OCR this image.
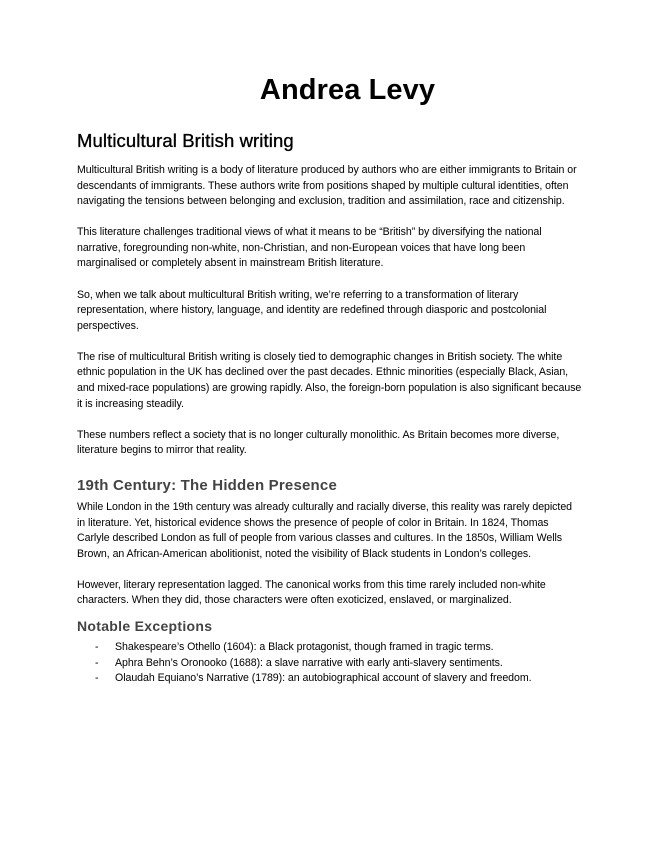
Andrea Levy
Multicultural British writing

Multicultural British writing is a body of literature produced by authors who are either immigrants to Britain or descendants of immigrants. These authors write from positions shaped by multiple cultural identities, often navigating the tensions between belonging and exclusion, tradition and assimilation, race and citizenship.

This literature challenges traditional views of what it means to be “British” by diversifying the national narrative, foregrounding non-white, non-Christian, and non-European voices that have long been marginalised or completely absent in mainstream British literature.

So, when we talk about multicultural British writing, we’re referring to a transformation of literary representation, where history, language, and identity are redefined through diasporic and postcolonial perspectives.

The rise of multicultural British writing is closely tied to demographic changes in British society. The white ethnic population in the UK has declined over the past decades. Ethnic minorities (especially Black, Asian, and mixed-race populations) are growing rapidly. Also, the foreign-born population is also significant because it is increasing steadily.

These numbers reflect a society that is no longer culturally monolithic. As Britain becomes more diverse, literature begins to mirror that reality.

19th Century: The Hidden Presence

While London in the 19th century was already culturally and racially diverse, this reality was rarely depicted in literature. Yet, historical evidence shows the presence of people of color in Britain. In 1824, Thomas Carlyle described London as full of people from various classes and cultures. In the 1850s, William Wells Brown, an African-American abolitionist, noted the visibility of Black students in London’s colleges.

However, literary representation lagged. The canonical works from this time rarely included non-white characters. When they did, those characters were often exoticized, enslaved, or marginalized.

Notable Exceptions
- Shakespeare’s Othello (1604): a Black protagonist, though framed in tragic terms.
- Aphra Behn’s Oronooko (1688): a slave narrative with early anti-slavery sentiments.
- Olaudah Equiano’s Narrative (1789): an autobiographical account of slavery and freedom.
